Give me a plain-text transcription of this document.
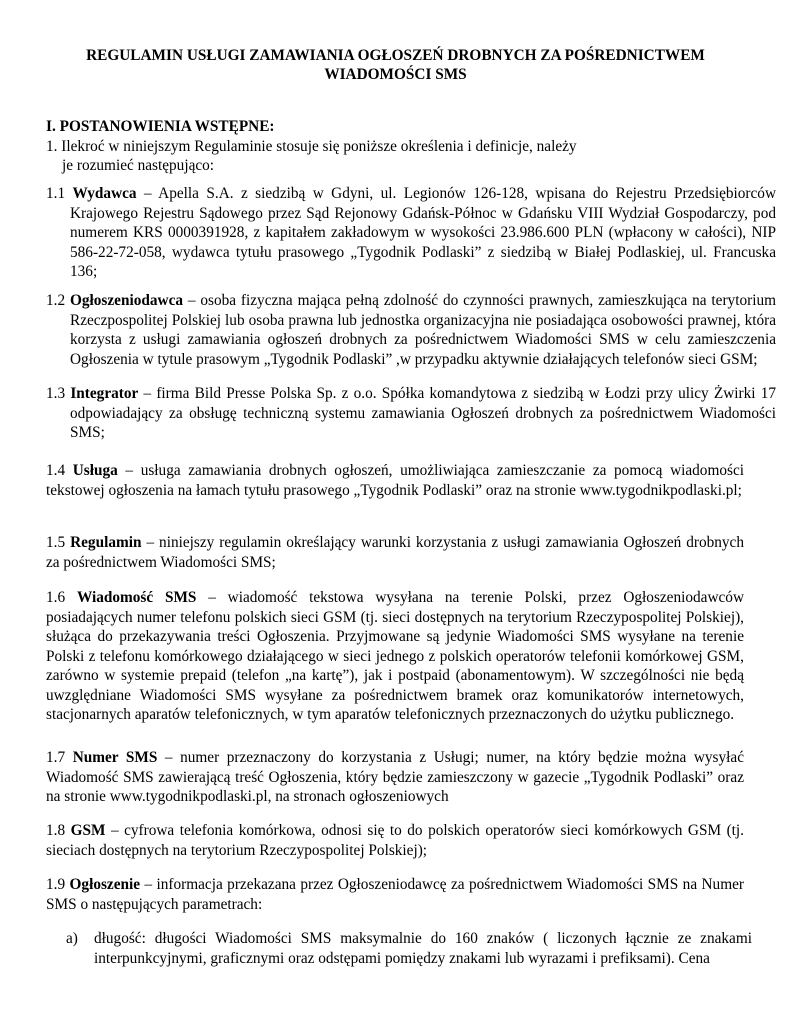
REGULAMIN USŁUGI ZAMAWIANIA OGŁOSZEŃ DROBNYCH ZA POŚREDNICTWEM
WIADOMOŚCI SMS
I. POSTANOWIENIA WSTĘPNE:
1. Ilekroć w niniejszym Regulaminie stosuje się poniższe określenia i definicje, należy
je rozumieć następująco:

1.1 Wydawca – Apella S.A. z siedzibą w Gdyni, ul. Legionów 126-128, wpisana do Rejestru Przedsiębiorców Krajowego Rejestru Sądowego przez Sąd Rejonowy Gdańsk-Północ w Gdańsku VIII Wydział Gospodarczy, pod numerem KRS 0000391928, z kapitałem zakładowym w wysokości 23.986.600 PLN (wpłacony w całości), NIP 586-22-72-058, wydawca tytułu prasowego „Tygodnik Podlaski” z siedzibą w Białej Podlaskiej, ul. Francuska 136;

1.2 Ogłoszeniodawca – osoba fizyczna mająca pełną zdolność do czynności prawnych, zamieszkująca na terytorium Rzeczpospolitej Polskiej lub osoba prawna lub jednostka organizacyjna nie posiadająca osobowości prawnej, która korzysta z usługi zamawiania ogłoszeń drobnych za pośrednictwem Wiadomości SMS w celu zamieszczenia Ogłoszenia w tytule prasowym „Tygodnik Podlaski” ,w przypadku aktywnie działających telefonów sieci GSM;

1.3 Integrator – firma Bild Presse Polska Sp. z o.o. Spółka komandytowa z siedzibą w Łodzi przy ulicy Żwirki 17 odpowiadający za obsługę techniczną systemu zamawiania Ogłoszeń drobnych za pośrednictwem Wiadomości SMS;

1.4 Usługa – usługa zamawiania drobnych ogłoszeń, umożliwiająca zamieszczanie za pomocą wiadomości tekstowej ogłoszenia na łamach tytułu prasowego „Tygodnik Podlaski” oraz na stronie www.tygodnikpodlaski.pl;

1.5 Regulamin – niniejszy regulamin określający warunki korzystania z usługi zamawiania Ogłoszeń drobnych za pośrednictwem Wiadomości SMS;

1.6 Wiadomość SMS – wiadomość tekstowa wysyłana na terenie Polski, przez Ogłoszeniodawców posiadających numer telefonu polskich sieci GSM (tj. sieci dostępnych na terytorium Rzeczypospolitej Polskiej), służąca do przekazywania treści Ogłoszenia. Przyjmowane są jedynie Wiadomości SMS wysyłane na terenie Polski z telefonu komórkowego działającego w sieci jednego z polskich operatorów telefonii komórkowej GSM, zarówno w systemie prepaid (telefon „na kartę”), jak i postpaid (abonamentowym). W szczególności nie będą uwzględniane Wiadomości SMS wysyłane za pośrednictwem bramek oraz komunikatorów internetowych, stacjonarnych aparatów telefonicznych, w tym aparatów telefonicznych przeznaczonych do użytku publicznego.

1.7 Numer SMS – numer przeznaczony do korzystania z Usługi; numer, na który będzie można wysyłać Wiadomość SMS zawierającą treść Ogłoszenia, który będzie zamieszczony w gazecie „Tygodnik Podlaski” oraz na stronie www.tygodnikpodlaski.pl, na stronach ogłoszeniowych

1.8 GSM – cyfrowa telefonia komórkowa, odnosi się to do polskich operatorów sieci komórkowych GSM (tj. sieciach dostępnych na terytorium Rzeczypospolitej Polskiej);

1.9 Ogłoszenie – informacja przekazana przez Ogłoszeniodawcę za pośrednictwem Wiadomości SMS na Numer SMS o następujących parametrach:

a) długość: długości Wiadomości SMS maksymalnie do 160 znaków ( liczonych łącznie ze znakami interpunkcyjnymi, graficznymi oraz odstępami pomiędzy znakami lub wyrazami i prefiksami). Cena
